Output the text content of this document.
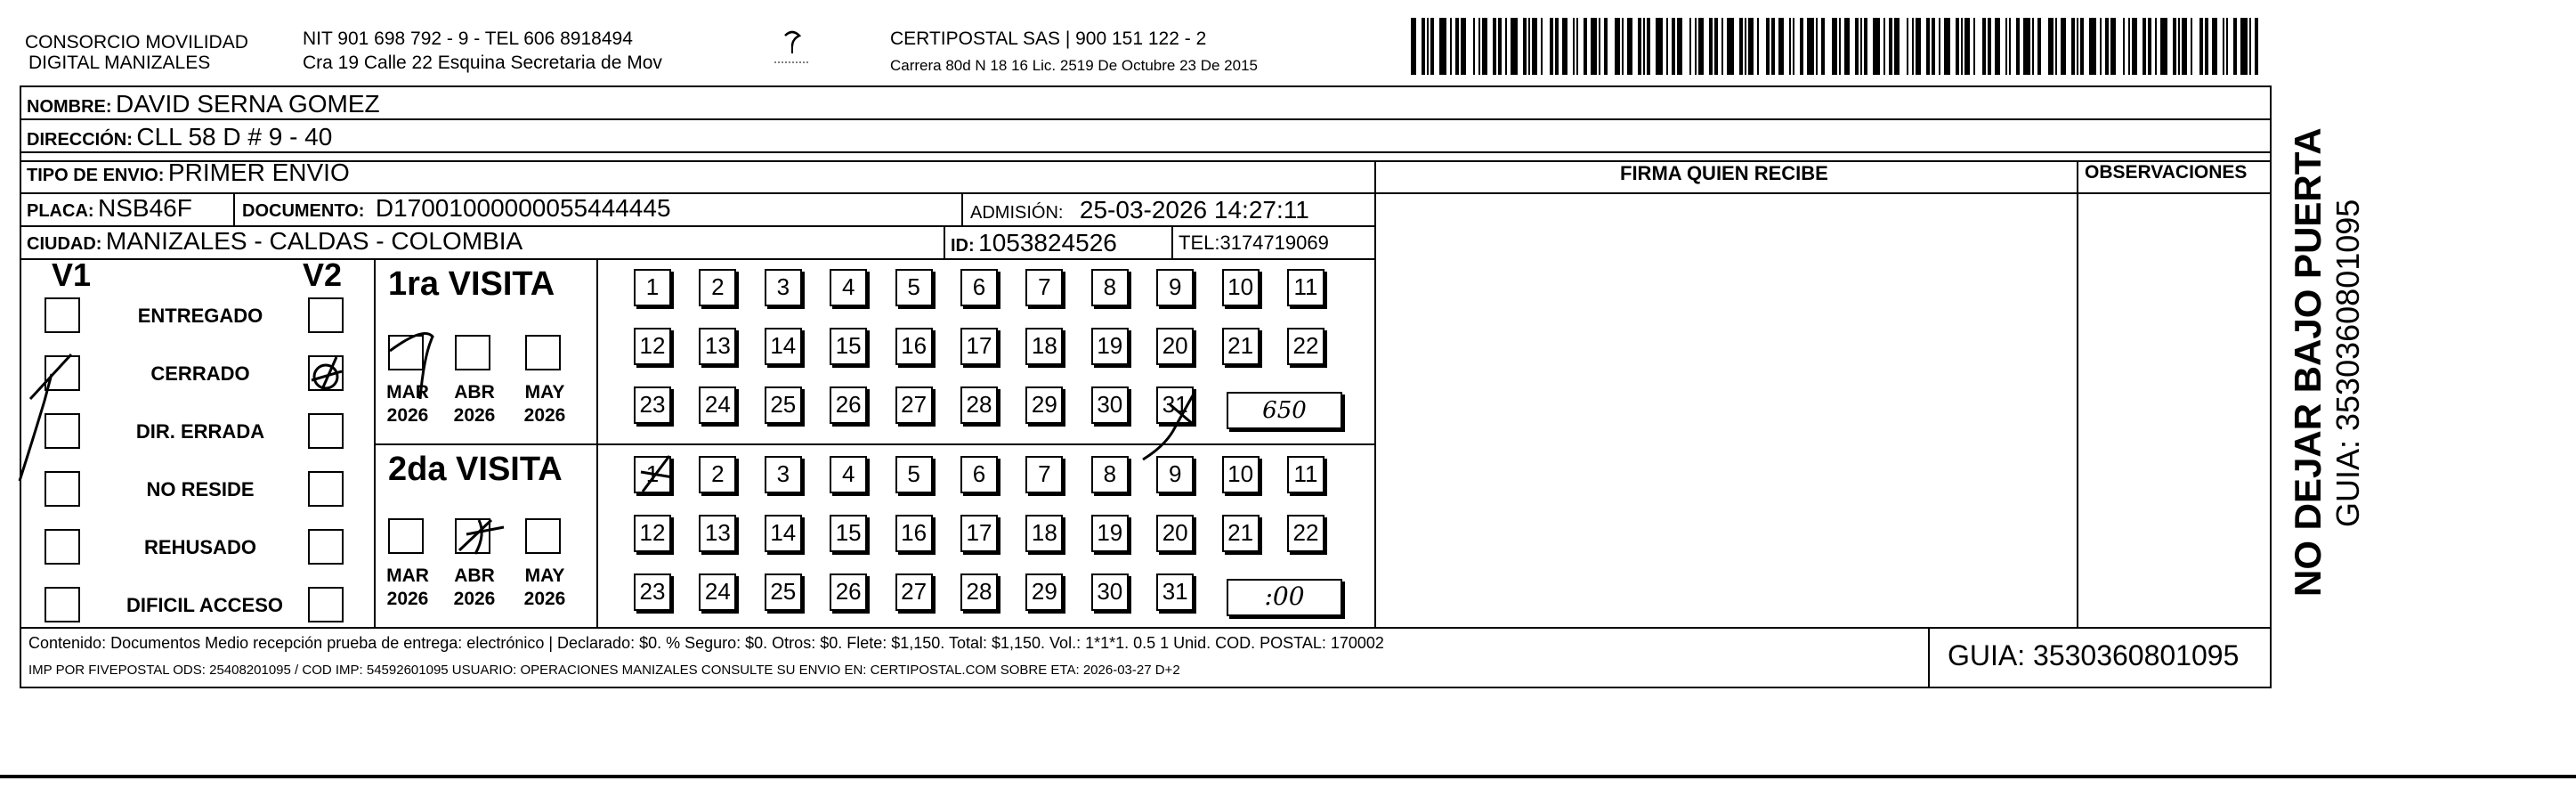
CONSORCIO MOVILIDAD
DIGITAL MANIZALES
NIT 901 698 792 - 9 - TEL 606 8918494
Cra 19 Calle 22 Esquina Secretaria de Mov
CERTIPOSTAL SAS | 900 151 122 - 2
Carrera 80d N 18 16 Lic. 2519 De Octubre 23 De 2015
NOMBRE: DAVID SERNA GOMEZ
DIRECCIÓN: CLL 58 D # 9 - 40
TIPO DE ENVIO: PRIMER ENVIO	FIRMA QUIEN RECIBE	OBSERVACIONES
PLACA: NSB46F	DOCUMENTO: D17001000000055444445	ADMISIÓN: 25-03-2026 14:27:11
CIUDAD: MANIZALES - CALDAS - COLOMBIA	ID: 1053824526	TEL:3174719069
V1	V2
ENTREGADO
CERRADO
DIR. ERRADA
NO RESIDE
REHUSADO
DIFICIL ACCESO
1ra VISITA
2da VISITA
MAR
2026
ABR
2026
MAY
2026
MAR
2026
ABR
2026
MAY
2026
1	2	3	4	5	6	7	8	9	10 11
12 13 14 15 16 17 18 19 20 21 22
23 24 25 26 27 28 29 30 31
1	2	3	4	5	6	7	8	9	10 11
12 13 14 15 16 17 18 19 20 21 22
23 24 25 26 27 28 29 30 31
650
:00
Contenido: Documentos Medio recepción prueba de entrega: electrónico | Declarado: $0. % Seguro: $0. Otros: $0. Flete: $1,150. Total: $1,150. Vol.: 1*1*1. 0.5 1 Unid. COD. POSTAL: 170002
IMP POR FIVEPOSTAL ODS: 25408201095 / COD IMP: 54592601095 USUARIO: OPERACIONES MANIZALES CONSULTE SU ENVIO EN: CERTIPOSTAL.COM SOBRE ETA: 2026-03-27 D+2	GUIA: 3530360801095
NO DEJAR BAJO PUERTA GUIA: 3530360801095
